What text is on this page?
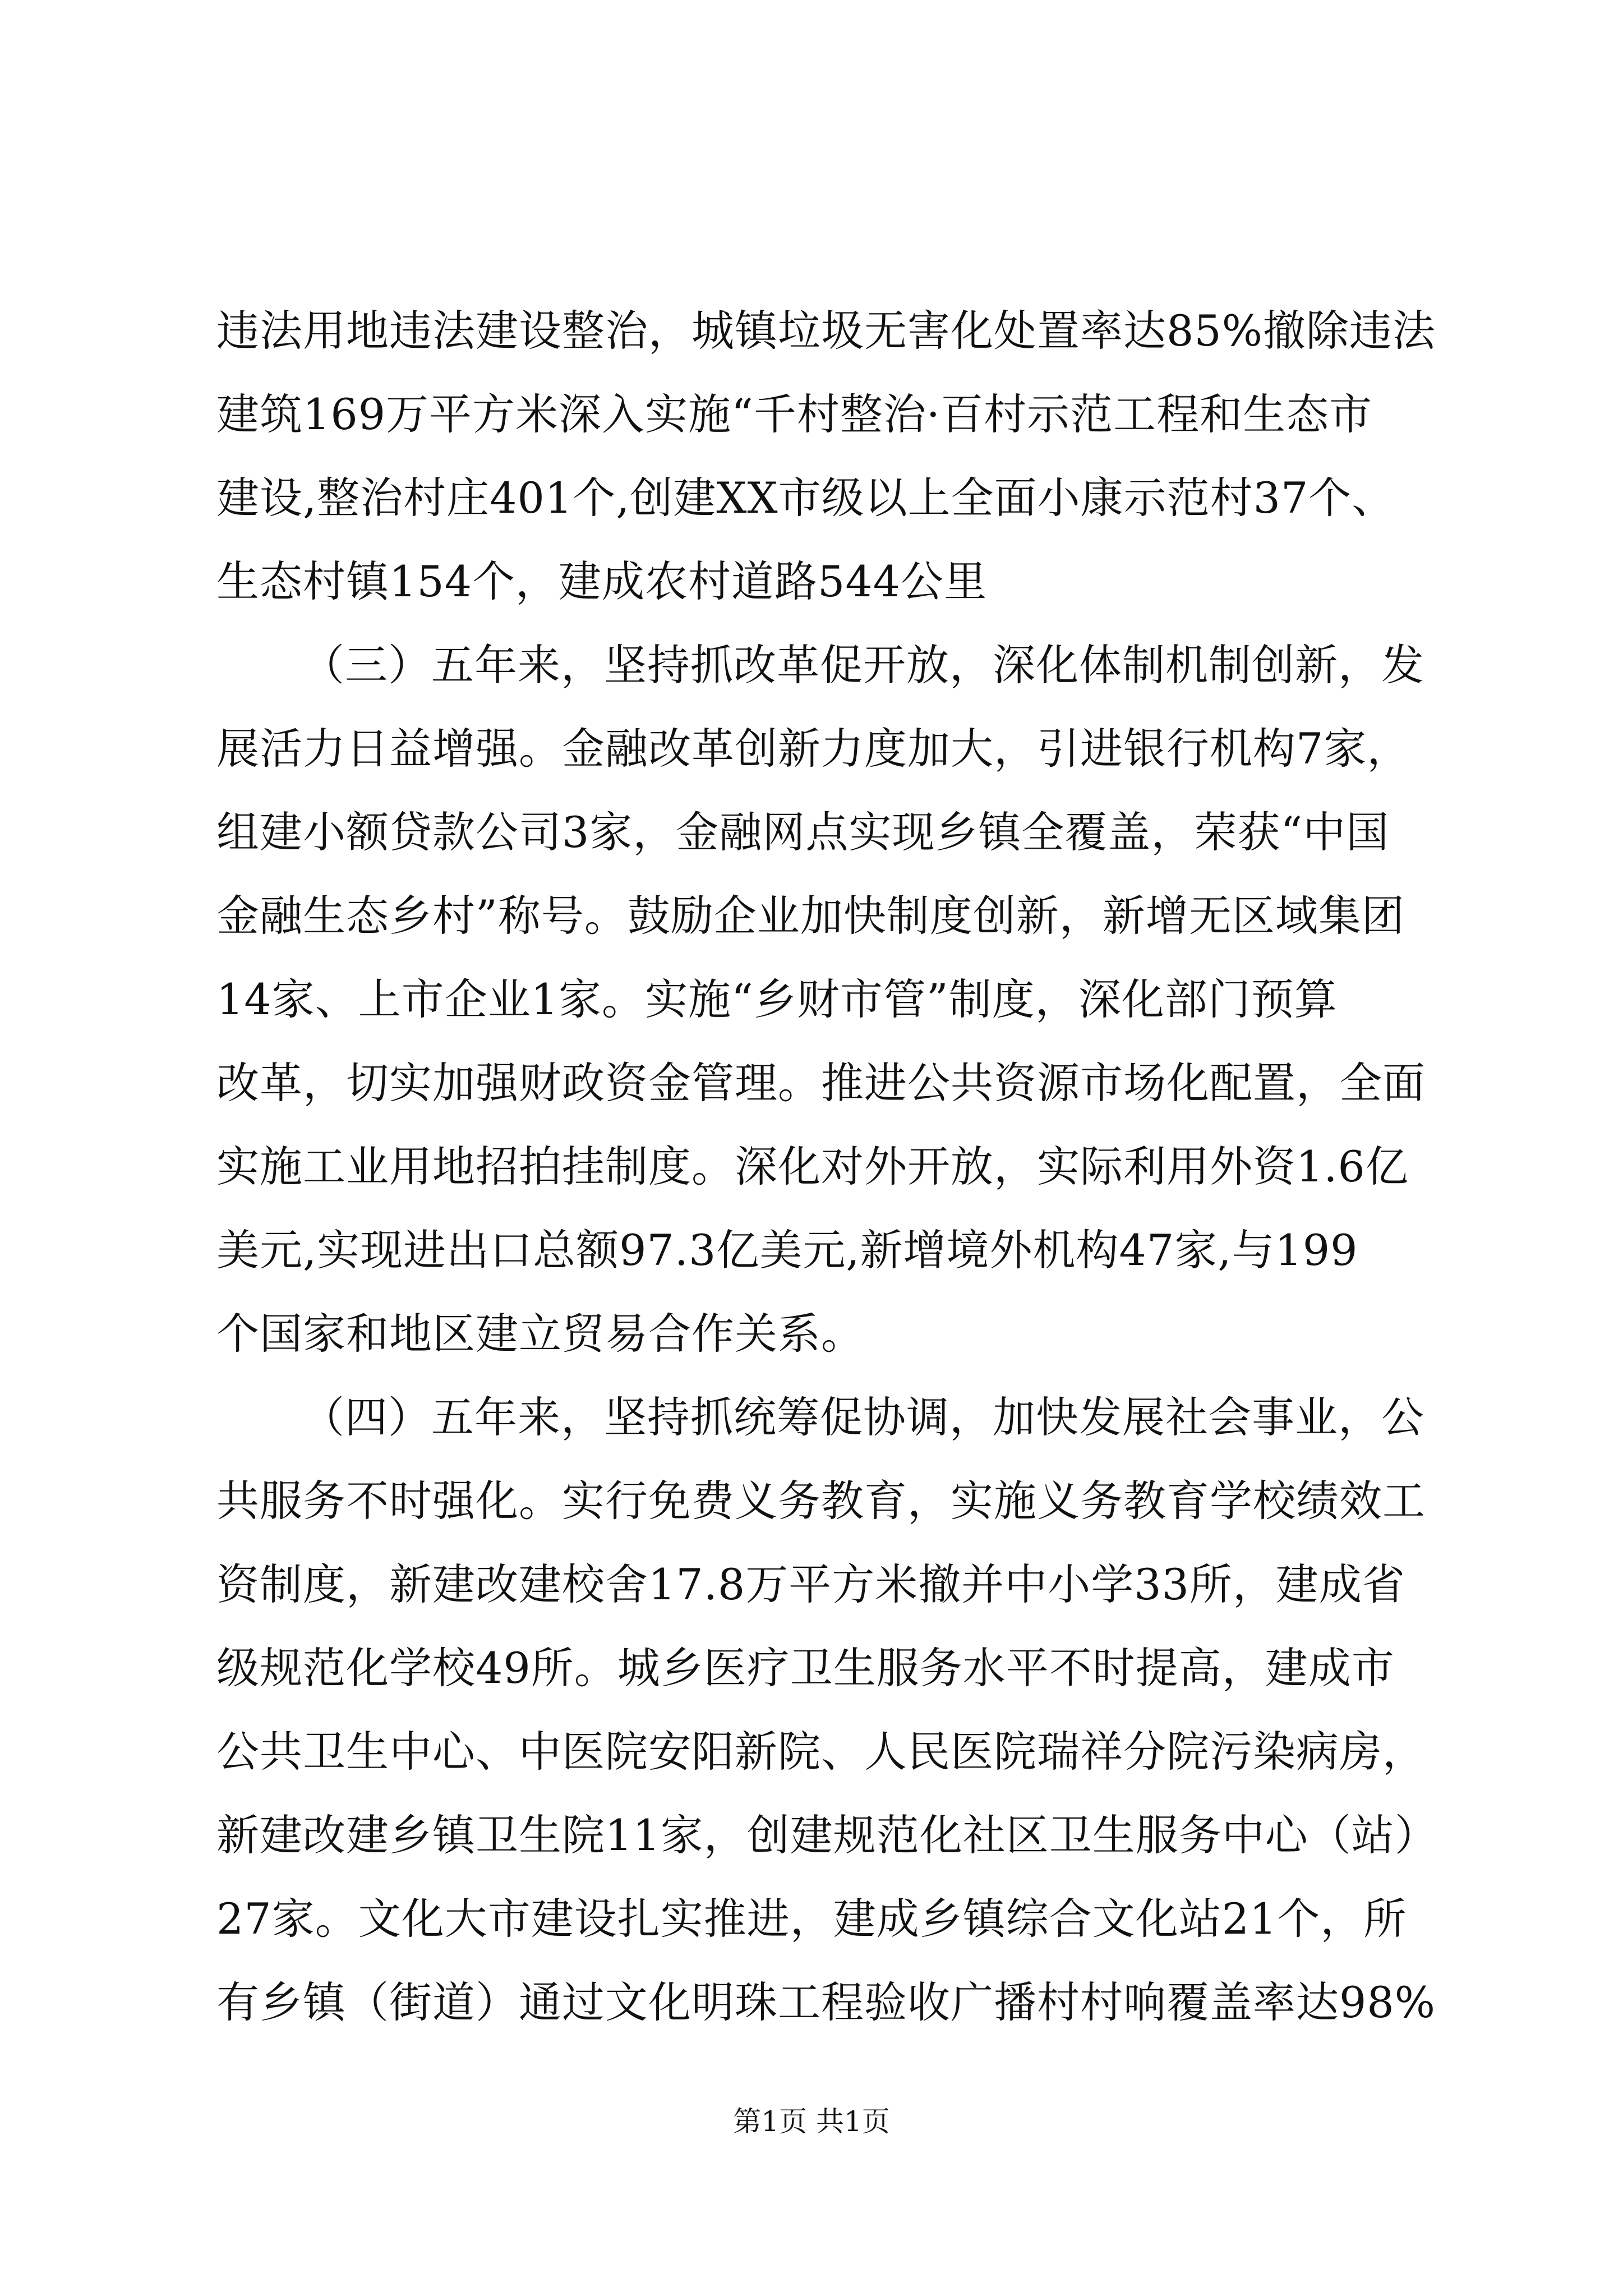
违法用地违法建设整治，城镇垃圾无害化处置率达85%撤除违法
建筑169万平方米深入实施“千村整治·百村示范工程和生态市
建设,整治村庄401个,创建XX市级以上全面小康示范村37个、
生态村镇154个，建成农村道路544公里
（三）五年来，坚持抓改革促开放，深化体制机制创新，发
展活力日益增强。金融改革创新力度加大，引进银行机构7家，
组建小额贷款公司3家，金融网点实现乡镇全覆盖，荣获“中国
金融生态乡村”称号。鼓励企业加快制度创新，新增无区域集团
14家、上市企业1家。实施“乡财市管”制度，深化部门预算
改革，切实加强财政资金管理。推进公共资源市场化配置，全面
实施工业用地招拍挂制度。深化对外开放，实际利用外资1.6亿
美元,实现进出口总额97.3亿美元,新增境外机构47家,与199
个国家和地区建立贸易合作关系。
（四）五年来，坚持抓统筹促协调，加快发展社会事业，公
共服务不时强化。实行免费义务教育，实施义务教育学校绩效工
资制度，新建改建校舍17.8万平方米撤并中小学33所，建成省
级规范化学校49所。城乡医疗卫生服务水平不时提高，建成市
公共卫生中心、中医院安阳新院、人民医院瑞祥分院污染病房，
新建改建乡镇卫生院11家，创建规范化社区卫生服务中心（站）
27家。文化大市建设扎实推进，建成乡镇综合文化站21个，所
有乡镇（街道）通过文化明珠工程验收广播村村响覆盖率达98%
第1页 共1页
